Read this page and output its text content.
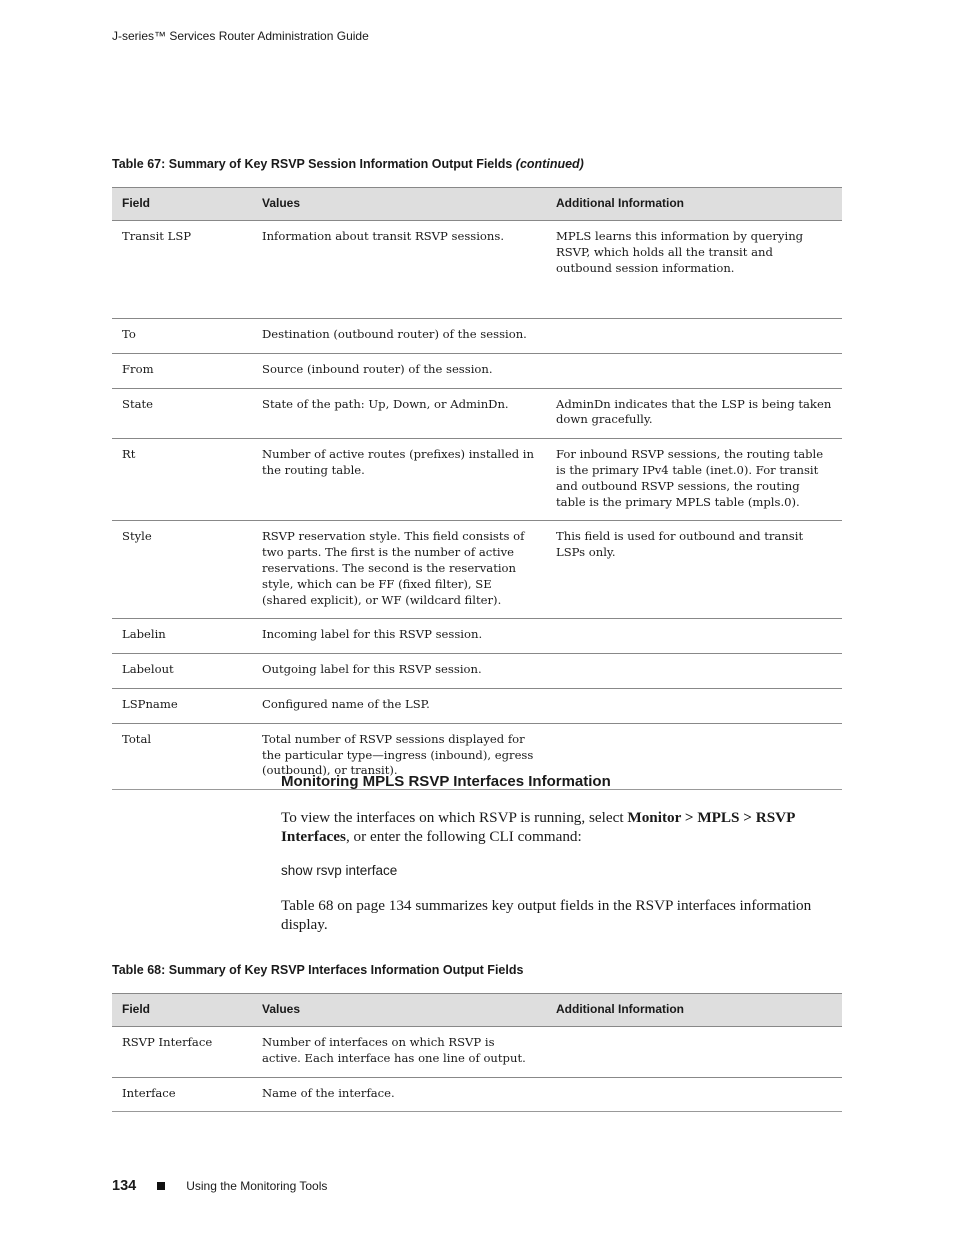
J-series™ Services Router Administration Guide
Table 67: Summary of Key RSVP Session Information Output Fields (continued)
Field	Values	Additional Information
Transit LSP	Information about transit RSVP sessions.	MPLS learns this information by querying RSVP, which holds all the transit and outbound session information.
To	Destination (outbound router) of the session.	
From	Source (inbound router) of the session.	
State	State of the path: Up, Down, or AdminDn.	AdminDn indicates that the LSP is being taken down gracefully.
Rt	Number of active routes (prefixes) installed in the routing table.	For inbound RSVP sessions, the routing table is the primary IPv4 table (inet.0). For transit and outbound RSVP sessions, the routing table is the primary MPLS table (mpls.0).
Style	RSVP reservation style. This field consists of two parts. The first is the number of active reservations. The second is the reservation style, which can be FF (fixed filter), SE (shared explicit), or WF (wildcard filter).	This field is used for outbound and transit LSPs only.
Labelin	Incoming label for this RSVP session.	
Labelout	Outgoing label for this RSVP session.	
LSPname	Configured name of the LSP.	
Total	Total number of RSVP sessions displayed for the particular type—ingress (inbound), egress (outbound), or transit).	
Monitoring MPLS RSVP Interfaces Information

To view the interfaces on which RSVP is running, select Monitor > MPLS > RSVP Interfaces, or enter the following CLI command:

show rsvp interface

Table 68 on page 134 summarizes key output fields in the RSVP interfaces information display.

Table 68: Summary of Key RSVP Interfaces Information Output Fields
Field	Values	Additional Information
RSVP Interface	Number of interfaces on which RSVP is active. Each interface has one line of output.	
Interface	Name of the interface.	
134	Using the Monitoring Tools
